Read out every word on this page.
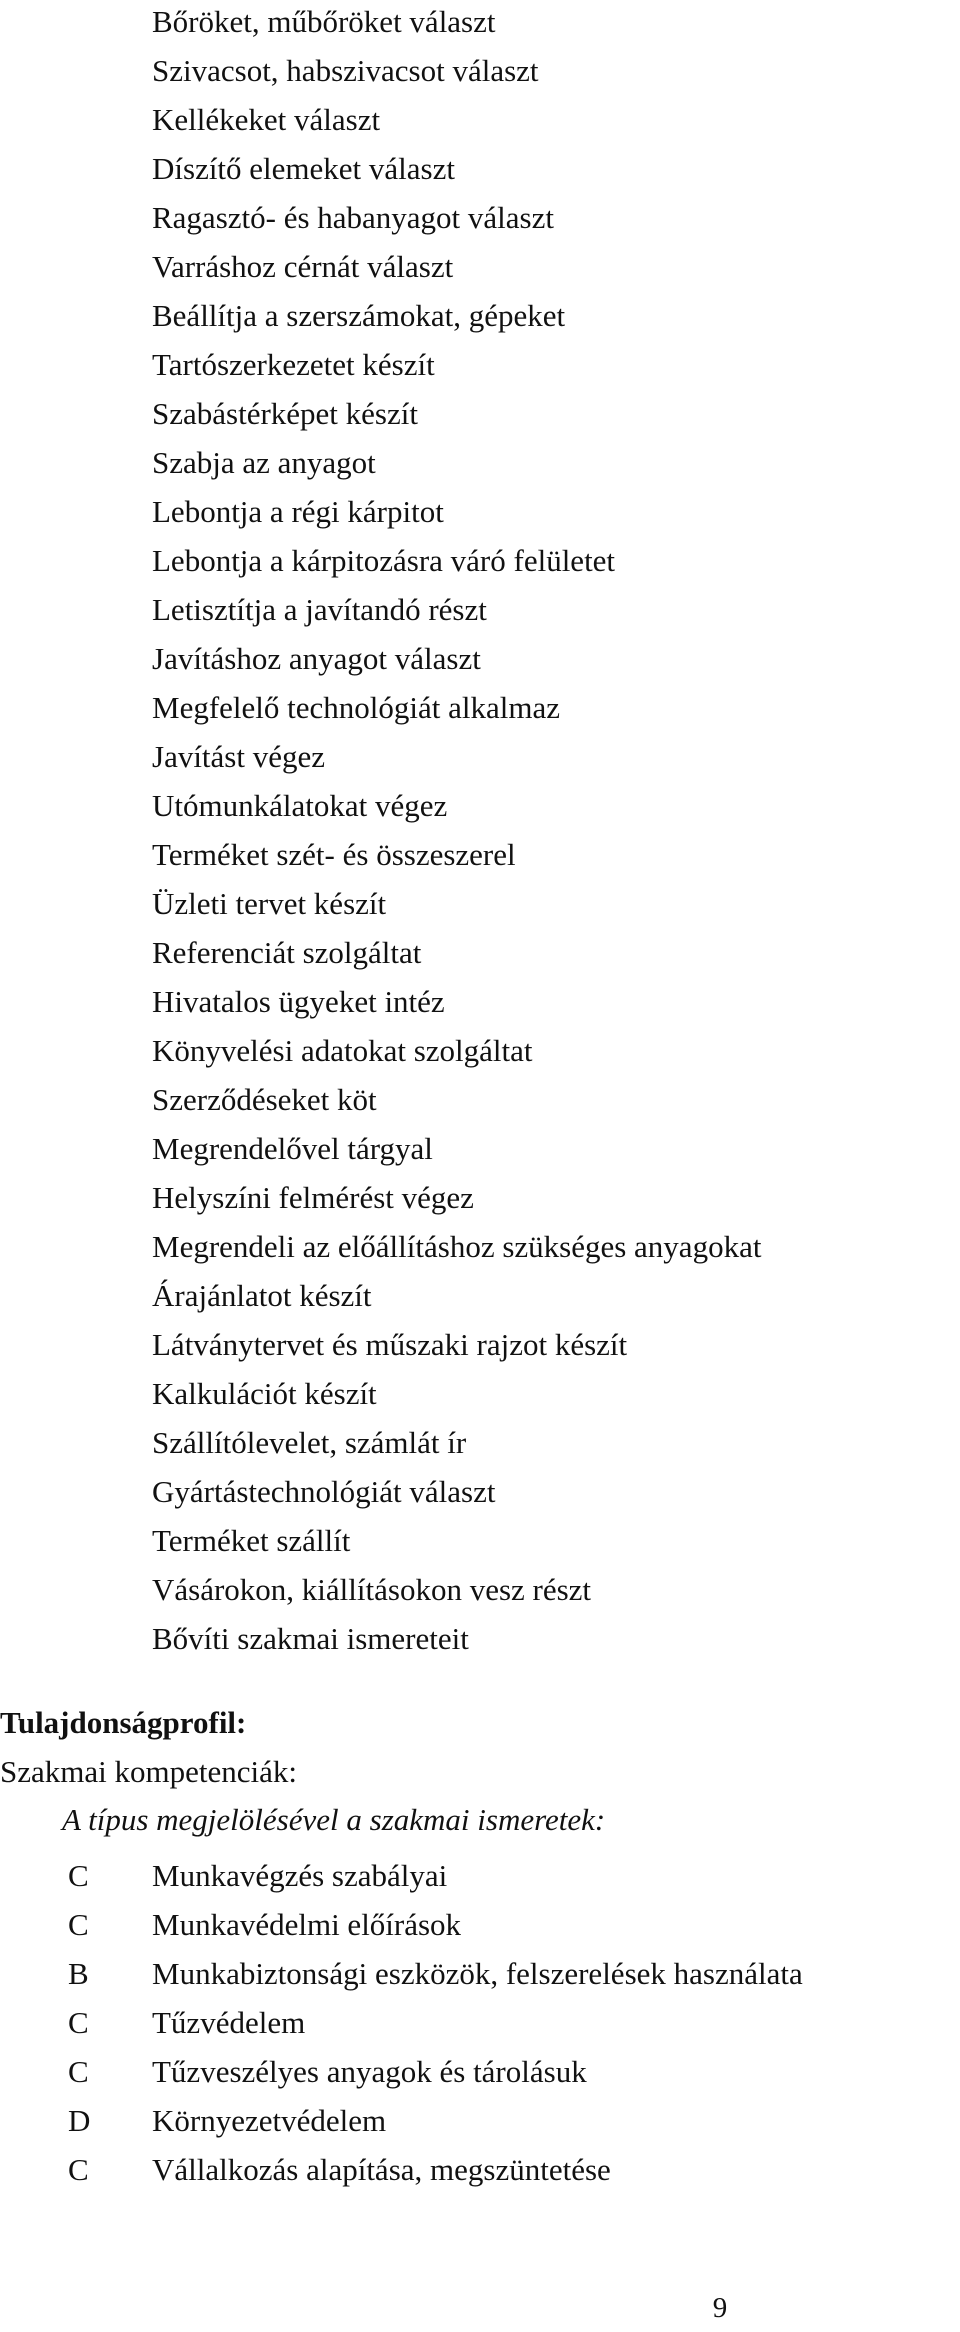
Bőröket, műbőröket választ
Szivacsot, habszivacsot választ
Kellékeket választ
Díszítő elemeket választ
Ragasztó- és habanyagot választ
Varráshoz cérnát választ
Beállítja a szerszámokat, gépeket
Tartószerkezetet készít
Szabástérképet készít
Szabja az anyagot
Lebontja a régi kárpitot
Lebontja a kárpitozásra váró felületet
Letisztítja a javítandó részt
Javításhoz anyagot választ
Megfelelő technológiát alkalmaz
Javítást végez
Utómunkálatokat végez
Terméket szét- és összeszerel
Üzleti tervet készít
Referenciát szolgáltat
Hivatalos ügyeket intéz
Könyvelési adatokat szolgáltat
Szerződéseket köt
Megrendelővel tárgyal
Helyszíni felmérést végez
Megrendeli az előállításhoz szükséges anyagokat
Árajánlatot készít
Látványtervet és műszaki rajzot készít
Kalkulációt készít
Szállítólevelet, számlát ír
Gyártástechnológiát választ
Terméket szállít
Vásárokon, kiállításokon vesz részt
Bővíti szakmai ismereteit
Tulajdonságprofil:

Szakmai kompetenciák:

A típus megjelölésével a szakmai ismeretek:

C Munkavégzés szabályai
C Munkavédelmi előírások
B Munkabiztonsági eszközök, felszerelések használata
C Tűzvédelem
C Tűzveszélyes anyagok és tárolásuk
D Környezetvédelem
C Vállalkozás alapítása, megszüntetése
9
